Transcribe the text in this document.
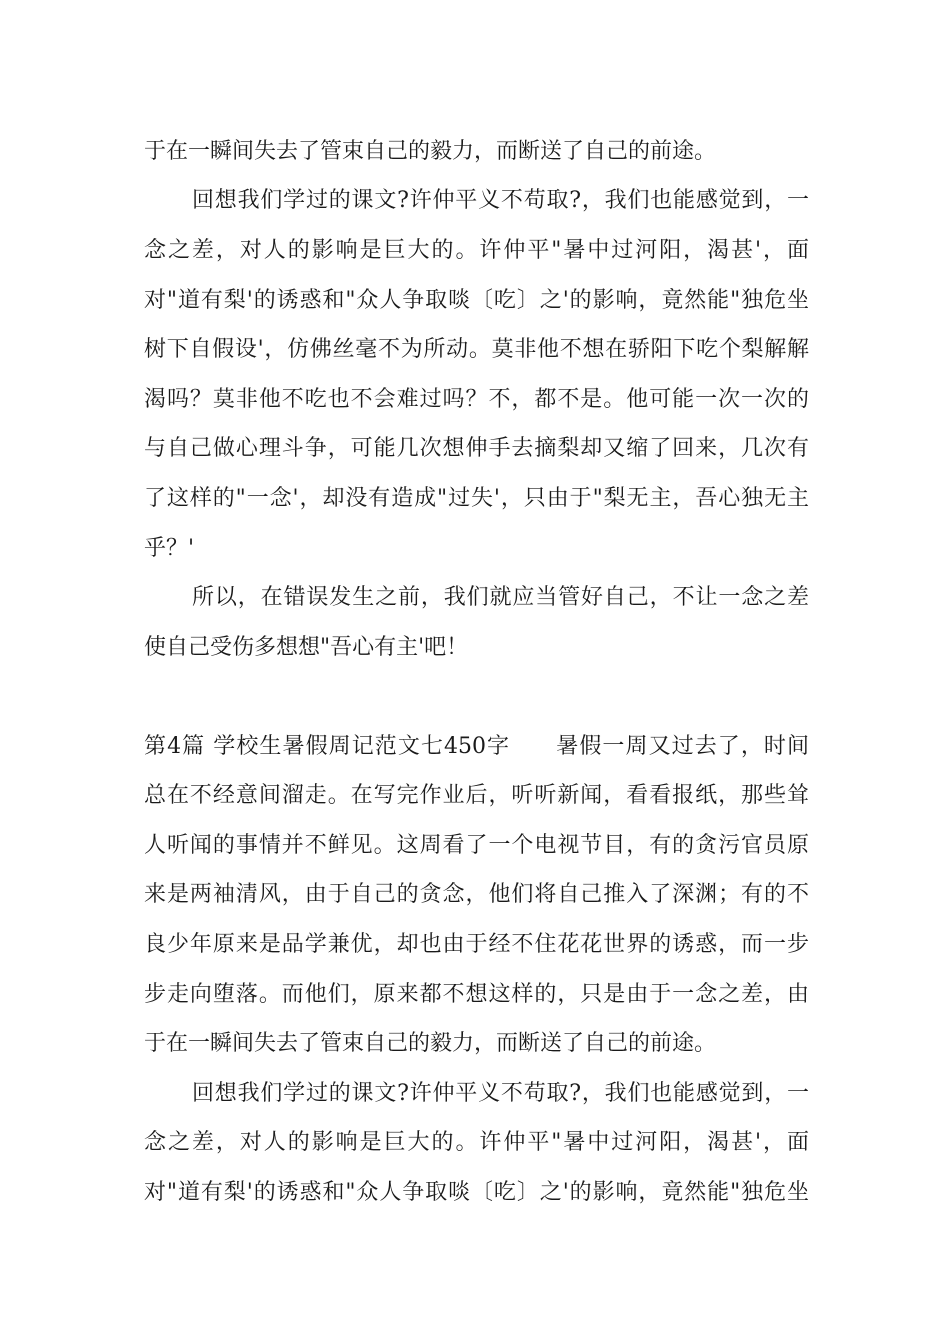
于在一瞬间失去了管束自己的毅力，而断送了自己的前途。
回想我们学过的课文?许仲平义不苟取?，我们也能感觉到，一
念之差，对人的影响是巨大的。许仲平"暑中过河阳，渴甚'，面
对"道有梨'的诱惑和"众人争取啖〔吃〕之'的影响，竟然能"独危坐
树下自假设'，仿佛丝毫不为所动。莫非他不想在骄阳下吃个梨解解
渴吗？莫非他不吃也不会难过吗？不，都不是。他可能一次一次的
与自己做心理斗争，可能几次想伸手去摘梨却又缩了回来，几次有
了这样的"一念'，却没有造成"过失'，只由于"梨无主，吾心独无主
乎？'
所以，在错误发生之前，我们就应当管好自己，不让一念之差
使自己受伤多想想"吾心有主'吧！
第4篇 学校生暑假周记范文七450字　　暑假一周又过去了，时间
总在不经意间溜走。在写完作业后，听听新闻，看看报纸，那些耸
人听闻的事情并不鲜见。这周看了一个电视节目，有的贪污官员原
来是两袖清风，由于自己的贪念，他们将自己推入了深渊；有的不
良少年原来是品学兼优，却也由于经不住花花世界的诱惑，而一步
步走向堕落。而他们，原来都不想这样的，只是由于一念之差，由
于在一瞬间失去了管束自己的毅力，而断送了自己的前途。
回想我们学过的课文?许仲平义不苟取?，我们也能感觉到，一
念之差，对人的影响是巨大的。许仲平"暑中过河阳，渴甚'，面
对"道有梨'的诱惑和"众人争取啖〔吃〕之'的影响，竟然能"独危坐
